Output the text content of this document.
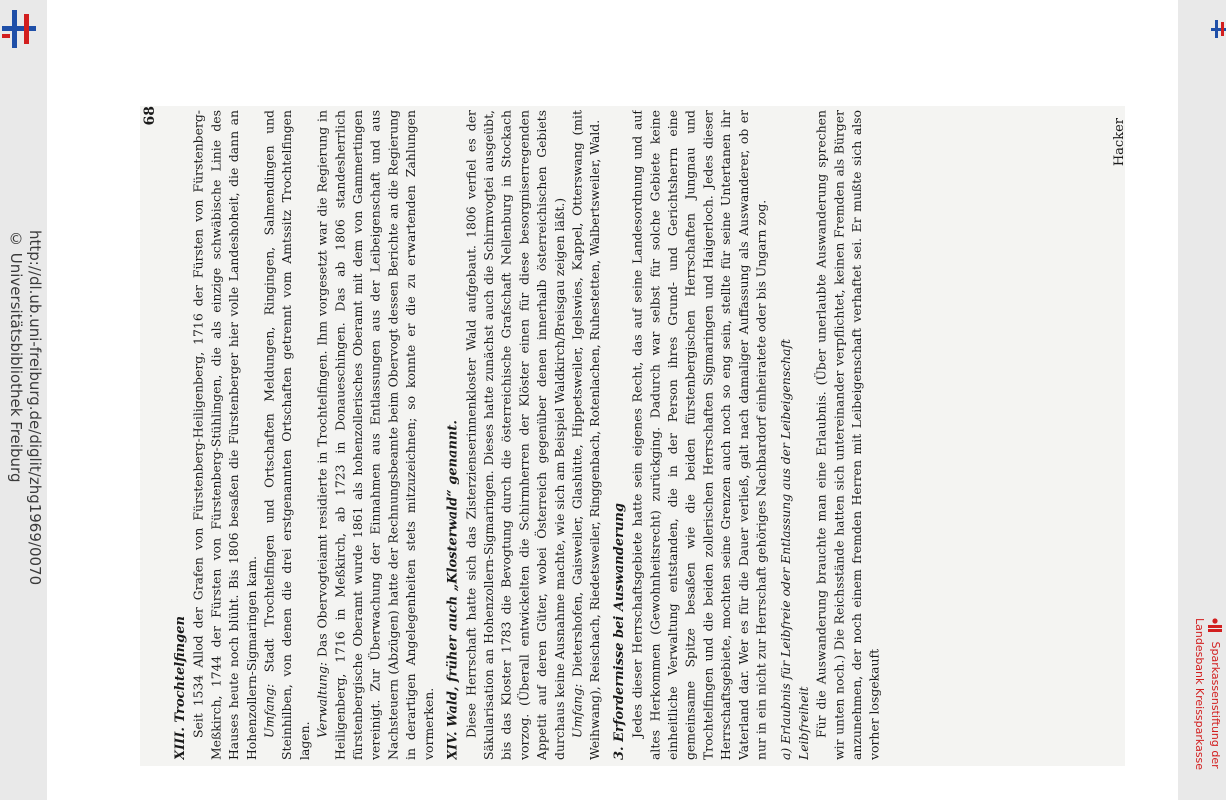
http://dl.ub.uni-freiburg.de/diglit/zhg1969/0070
© Universitätsbibliothek Freiburg
Sparkassenstiftung der
Landesbank Kreissparkasse
68
Hacker
XIII. Trochtelfingen Seit 1534 Allod der Grafen von Fürstenberg-Heiligenberg, 1716 der Fürsten von Fürstenberg-Meßkirch, 1744 der Fürsten von Fürstenberg-Stühlingen, die als einzige schwäbische Linie des Hauses heute noch blüht. Bis 1806 besaßen die Fürstenberger hier volle Landeshoheit, die dann an Hohenzollern-Sigmaringen kam. Umfang: Stadt Trochtelfingen und Ortschaften Meldungen, Ringingen, Salmendingen und Steinhilben, von denen die drei erstgenannten Ortschaften getrennt vom Amtssitz Trochtelfingen lagen.

Verwaltung: Das Obervogteiamt residierte in Trochtelfingen. Ihm vorgesetzt war die Regierung in Heiligenberg, 1716 in Meßkirch, ab 1723 in Donaueschingen. Das ab 1806 standesherrlich fürstenbergische Oberamt wurde 1861 als hohenzollerisches Oberamt mit dem von Gammertingen vereinigt. Zur Überwachung der Einnahmen aus Entlassungen aus der Leibeigenschaft und aus Nachsteuern (Abzügen) hatte der Rechnungsbeamte beim Obervogt dessen Berichte an die Regierung in derartigen Angelegenheiten stets mitzuzeichnen; so konnte er die zu erwartenden Zahlungen vormerken. XIV. Wald, früher auch „Klosterwald“ genannt. Diese Herrschaft hatte sich das Zisterzienserinnenkloster Wald aufgebaut. 1806 verfiel es der Säkularisation an Hohenzollern-Sigmaringen. Dieses hatte zunächst auch die Schirmvogtei ausgeübt, bis das Kloster 1783 die Bevogtung durch die österreichische Grafschaft Nellenburg in Stockach vorzog. (Überall entwickelten die Schirmherren der Klöster einen für diese besorgniserregenden Appetit auf deren Güter, wobei Österreich gegenüber denen innerhalb österreichischen Gebiets durchaus keine Ausnahme machte, wie sich am Beispiel Waldkirch/Breisgau zeigen läßt.) Umfang: Dietershofen, Gaisweiler, Glashütte, Hippetsweiler, Igelswies, Kappel, Otterswang (mit Weihwang), Reischach, Riedetsweiler, Ringgenbach, Rotenlachen, Ruhestetten, Walbertsweiler, Wald. 3. Erfordernisse bei Auswanderung Jedes dieser Herrschaftsgebiete hatte sein eigenes Recht, das auf seine Landesordnung und auf altes Herkommen (Gewohnheitsrecht) zurückging. Dadurch war selbst für solche Gebiete keine einheitliche Verwaltung entstanden, die in der Person ihres Grund- und Gerichtsherrn eine gemeinsame Spitze besaßen wie die beiden fürstenbergischen Herrschaften Jungnau und Trochtelfingen und die beiden zollerischen Herrschaften Sigmaringen und Haigerloch. Jedes dieser Herrschaftsgebiete, mochten seine Grenzen auch noch so eng sein, stellte für seine Untertanen ihr Vaterland dar. Wer es für die Dauer verließ, galt nach damaliger Auffassung als Auswanderer, ob er nur in ein nicht zur Herrschaft gehöriges Nachbardorf einheiratete oder bis Ungarn zog. a) Erlaubnis für Leibfreie oder Entlassung aus der Leibeigenschaft Leibfreiheit Für die Auswanderung brauchte man eine Erlaubnis. (Über unerlaubte Auswanderung sprechen wir unten noch.) Die Reichsstände hatten sich untereinander verpflichtet, keinen Fremden als Bürger anzunehmen, der noch einem fremden Herren mit Leibeigenschaft verhaftet sei. Er mußte sich also vorher losgekauft
